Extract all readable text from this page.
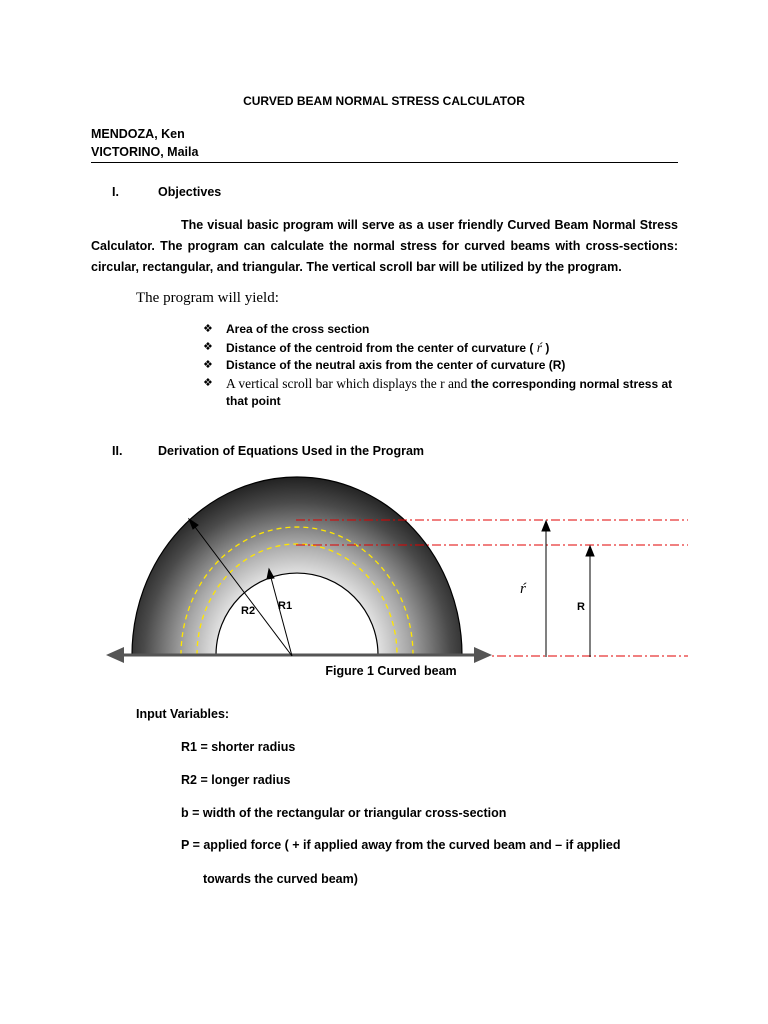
CURVED BEAM NORMAL STRESS CALCULATOR
MENDOZA, Ken
VICTORINO, Maila
I.	Objectives
The visual basic program will serve as a user friendly Curved Beam Normal Stress Calculator. The program can calculate the normal stress for curved beams with cross-sections: circular, rectangular, and triangular. The vertical scroll bar will be utilized by the program.
The program will yield:
❖ Area of the cross section
❖ Distance of the centroid from the center of curvature ( ŕ )
❖ Distance of the neutral axis from the center of curvature (R)
❖ A vertical scroll bar which displays the r and the corresponding normal stress at that point
II.	Derivation of Equations Used in the Program
R2 R1
ŕ
R
Figure 1 Curved beam
Input Variables:
R1 = shorter radius
R2 = longer radius
b = width of the rectangular or triangular cross-section
P = applied force ( + if applied away from the curved beam and – if applied
towards the curved beam)
